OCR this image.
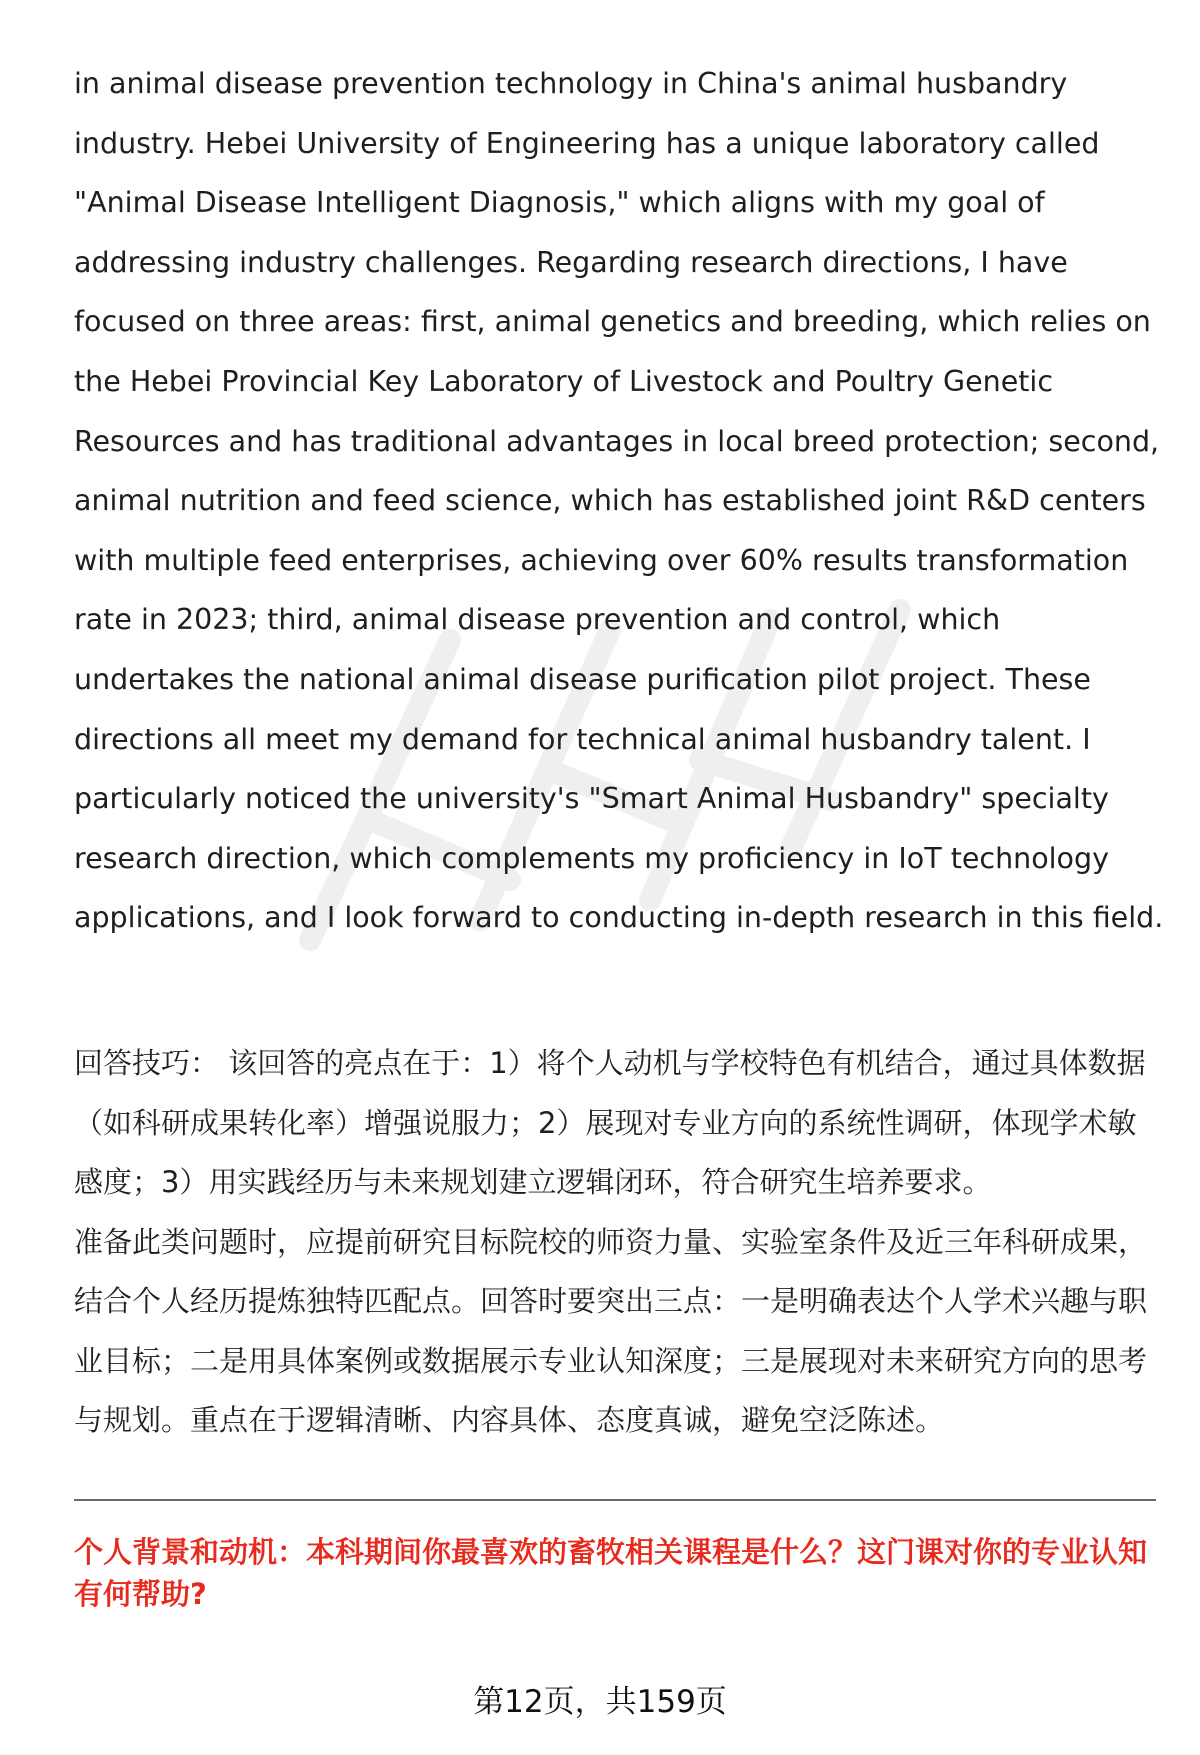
in animal disease prevention technology in China's animal husbandry industry. Hebei University of Engineering has a unique laboratory called "Animal Disease Intelligent Diagnosis," which aligns with my goal of addressing industry challenges. Regarding research directions, I have focused on three areas: first, animal genetics and breeding, which relies on the Hebei Provincial Key Laboratory of Livestock and Poultry Genetic Resources and has traditional advantages in local breed protection; second, animal nutrition and feed science, which has established joint R&D centers with multiple feed enterprises, achieving over 60% results transformation rate in 2023; third, animal disease prevention and control, which undertakes the national animal disease purification pilot project. These directions all meet my demand for technical animal husbandry talent. I particularly noticed the university's "Smart Animal Husbandry" specialty research direction, which complements my proficiency in IoT technology applications, and I look forward to conducting in-depth research in this field.

回答技巧： 该回答的亮点在于：1）将个人动机与学校特色有机结合，通过具体数据（如科研成果转化率）增强说服力；2）展现对专业方向的系统性调研，体现学术敏感度；3）用实践经历与未来规划建立逻辑闭环，符合研究生培养要求。

准备此类问题时，应提前研究目标院校的师资力量、实验室条件及近三年科研成果，结合个人经历提炼独特匹配点。回答时要突出三点：一是明确表达个人学术兴趣与职业目标；二是用具体案例或数据展示专业认知深度；三是展现对未来研究方向的思考与规划。重点在于逻辑清晰、内容具体、态度真诚，避免空泛陈述。

个人背景和动机：本科期间你最喜欢的畜牧相关课程是什么？这门课对你的专业认知有何帮助?

第12页，共159页
